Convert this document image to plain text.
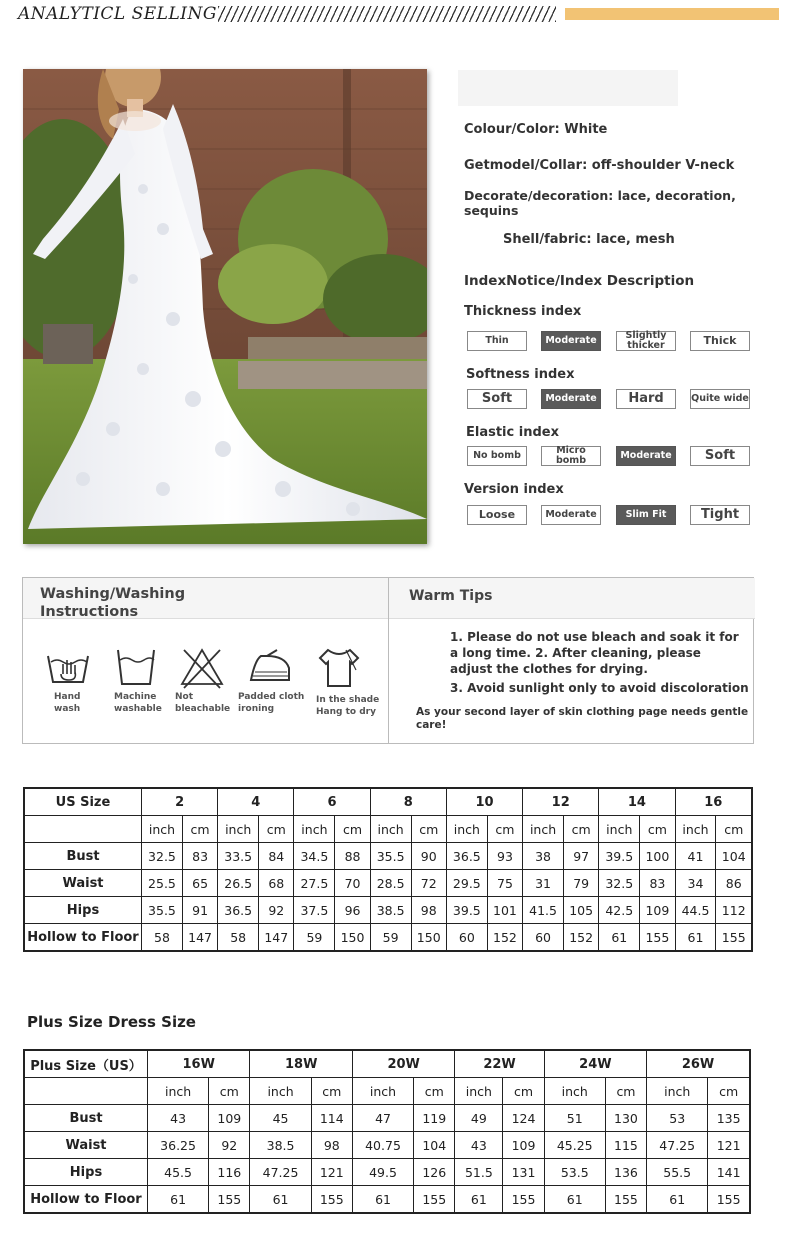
ANALYTICL SELLING
Colour/Color: White
Getmodel/Collar: off-shoulder V-neck
Decorate/decoration: lace, decoration,
sequins
Shell/fabric: lace, mesh
IndexNotice/Index Description
Thickness index
Thin	Moderate	Slightly thicker	Thick
Softness index
Soft	Moderate	Hard	Quite wide
Elastic index
No bomb	Micro bomb	Moderate	Soft
Version index
Loose	Moderate	Slim Fit	Tight
Washing/Washing
Instructions
Hand
wash
Machine
washable
Not
bleachable
Padded cloth
ironing
In the shade
Hang to dry
Warm Tips
1. Please do not use bleach and soak it for
a long time. 2. After cleaning, please
adjust the clothes for drying.
3. Avoid sunlight only to avoid discoloration
As your second layer of skin clothing page needs gentle
care!
US Size	2		4		6		8		10		12		14		16	
	inch	cm	inch	cm	inch	cm	inch	cm	inch	cm	inch	cm	inch	cm	inch	cm
Bust	32.5	83	33.5	84	34.5	88	35.5	90	36.5	93	38	97	39.5	100	41	104
Waist	25.5	65	26.5	68	27.5	70	28.5	72	29.5	75	31	79	32.5	83	34	86
Hips	35.5	91	36.5	92	37.5	96	38.5	98	39.5	101	41.5	105	42.5	109	44.5	112
Hollow to Floor	58	147	58	147	59	150	59	150	60	152	60	152	61	155	61	155
Plus Size Dress Size
Plus Size（US）	16W		18W		20W		22W		24W		26W	
	inch	cm	inch	cm	inch	cm	inch	cm	inch	cm	inch	cm
Bust	43	109	45	114	47	119	49	124	51	130	53	135
Waist	36.25	92	38.5	98	40.75	104	43	109	45.25	115	47.25	121
Hips	45.5	116	47.25	121	49.5	126	51.5	131	53.5	136	55.5	141
Hollow to Floor	61	155	61	155	61	155	61	155	61	155	61	155
